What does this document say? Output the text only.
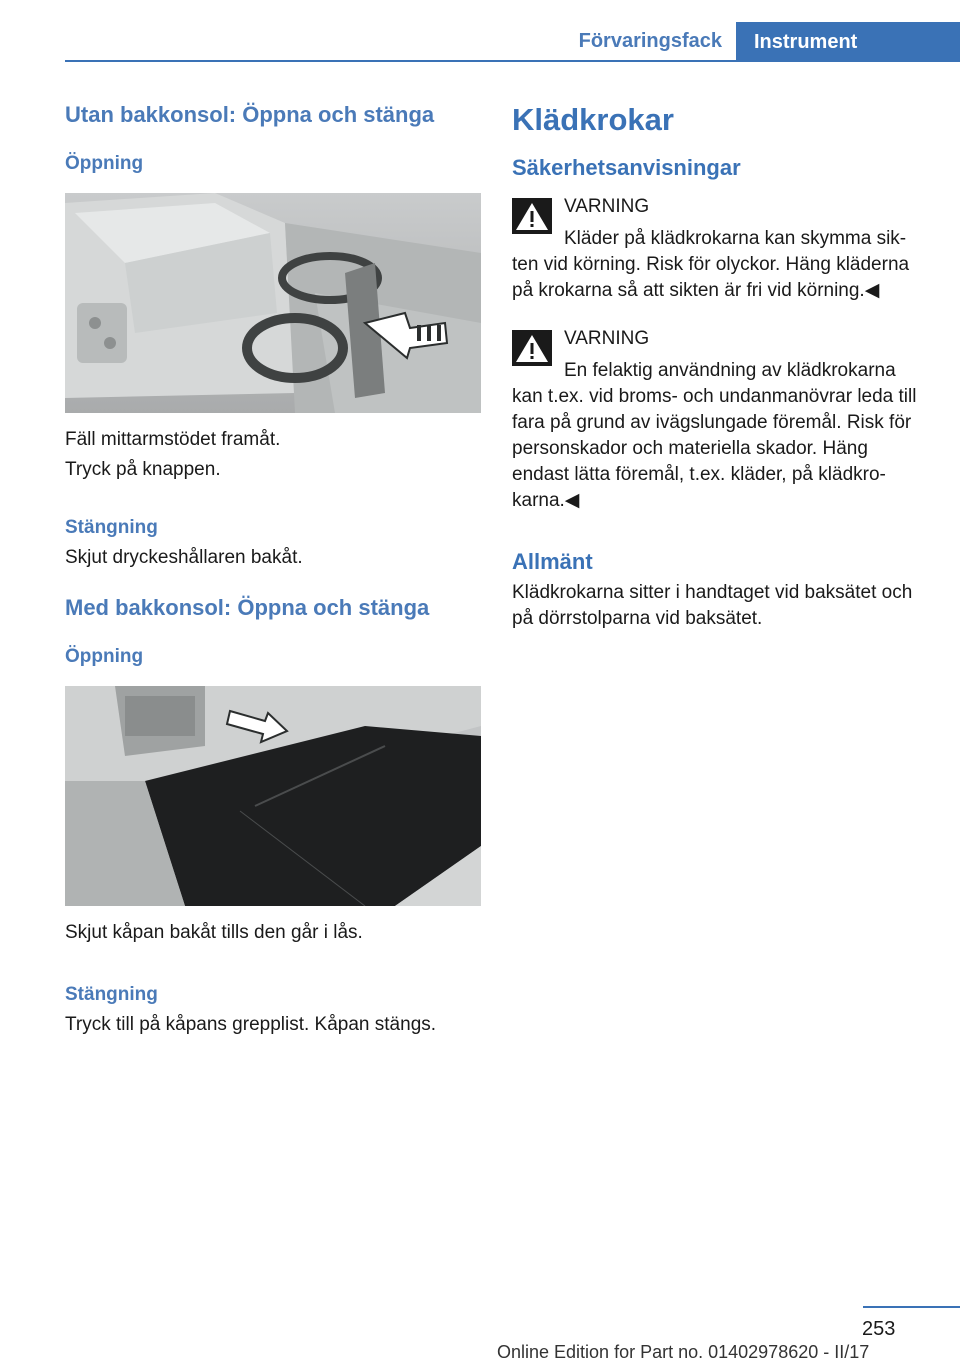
Förvaringsfack	Instrument
Utan bakkonsol: Öppna och stänga
Öppning

Fäll mittarmstödet framåt.

Tryck på knappen.

Stängning

Skjut dryckeshållaren bakåt.

Med bakkonsol: Öppna och stänga
Öppning

Skjut kåpan bakåt tills den går i lås.

Stängning

Tryck till på kåpans grepplist. Kåpan stängs.

Klädkrokar
Säkerhetsanvisningar
VARNING
Kläder på klädkrokarna kan skymma sik‐
ten vid körning. Risk för olyckor. Häng kläderna på krokarna så att sikten är fri vid körning.◀
VARNING
En felaktig användning av klädkrokarna
kan t.ex. vid broms- och undanmanövrar leda till fara på grund av ivägslungade föremål. Risk för personskador och materiella skador. Häng endast lätta föremål, t.ex. kläder, på klädkro‐ karna.◀
Allmänt

Klädkrokarna sitter i handtaget vid baksätet och på dörrstolparna vid baksätet.

253
Online Edition for Part no. 01402978620 - II/17
